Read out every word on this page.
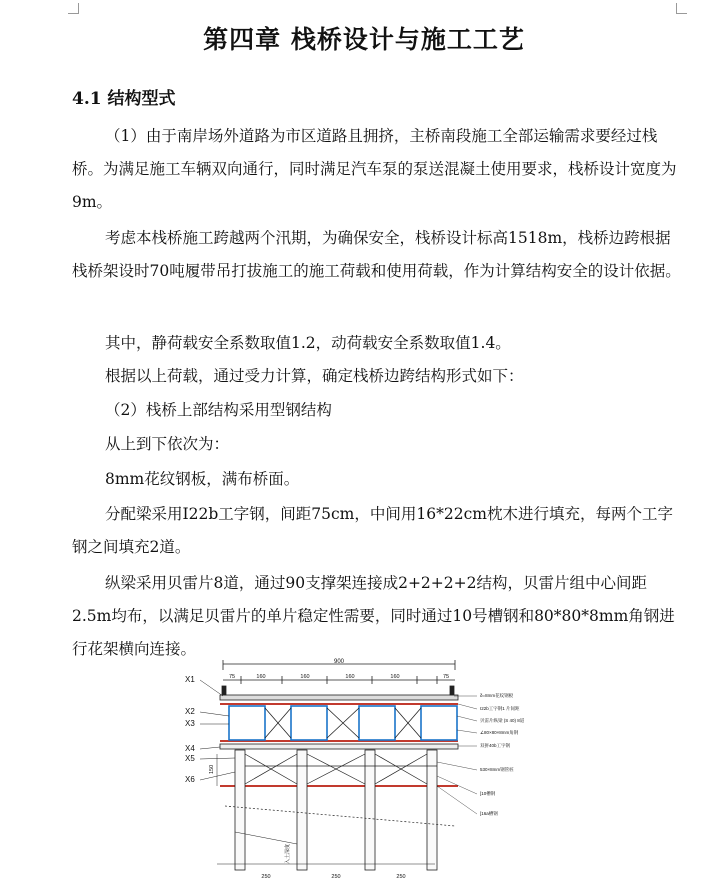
第四章 栈桥设计与施工工艺
4.1 结构型式

（1）由于南岸场外道路为市区道路且拥挤，主桥南段施工全部运输需求要经过栈桥。为满足施工车辆双向通行，同时满足汽车泵的泵送混凝土使用要求，栈桥设计宽度为9m。

考虑本栈桥施工跨越两个汛期，为确保安全，栈桥设计标高1518m，栈桥边跨根据栈桥架设时70吨履带吊打拔施工的施工荷载和使用荷载，作为计算结构安全的设计依据。

其中，静荷载安全系数取值1.2，动荷载安全系数取值1.4。

根据以上荷载，通过受力计算，确定栈桥边跨结构形式如下：

（2）栈桥上部结构采用型钢结构

从上到下依次为：

8mm花纹钢板，满布桥面。

分配梁采用I22b工字钢，间距75cm，中间用16*22cm枕木进行填充，每两个工字钢之间填充2道。

纵梁采用贝雷片8道，通过90支撑架连接成2+2+2+2结构，贝雷片组中心间距2.5m均布，以满足贝雷片的单片稳定性需要，同时通过10号槽钢和80*80*8mm角钢进行花架横向连接。

900
75	160	160	160	160	75
X1
X2
X3
X4
X5
X6
150
δ=8mm花纹钢板
I22b工字钢1 片间距
贝雷片纵梁 (S 40) 8道
∠80×80×8mm角钢
双拼40b工字钢
530×8mm钢管桩
[10槽钢
[16a槽钢
入土深度
250	250	250
